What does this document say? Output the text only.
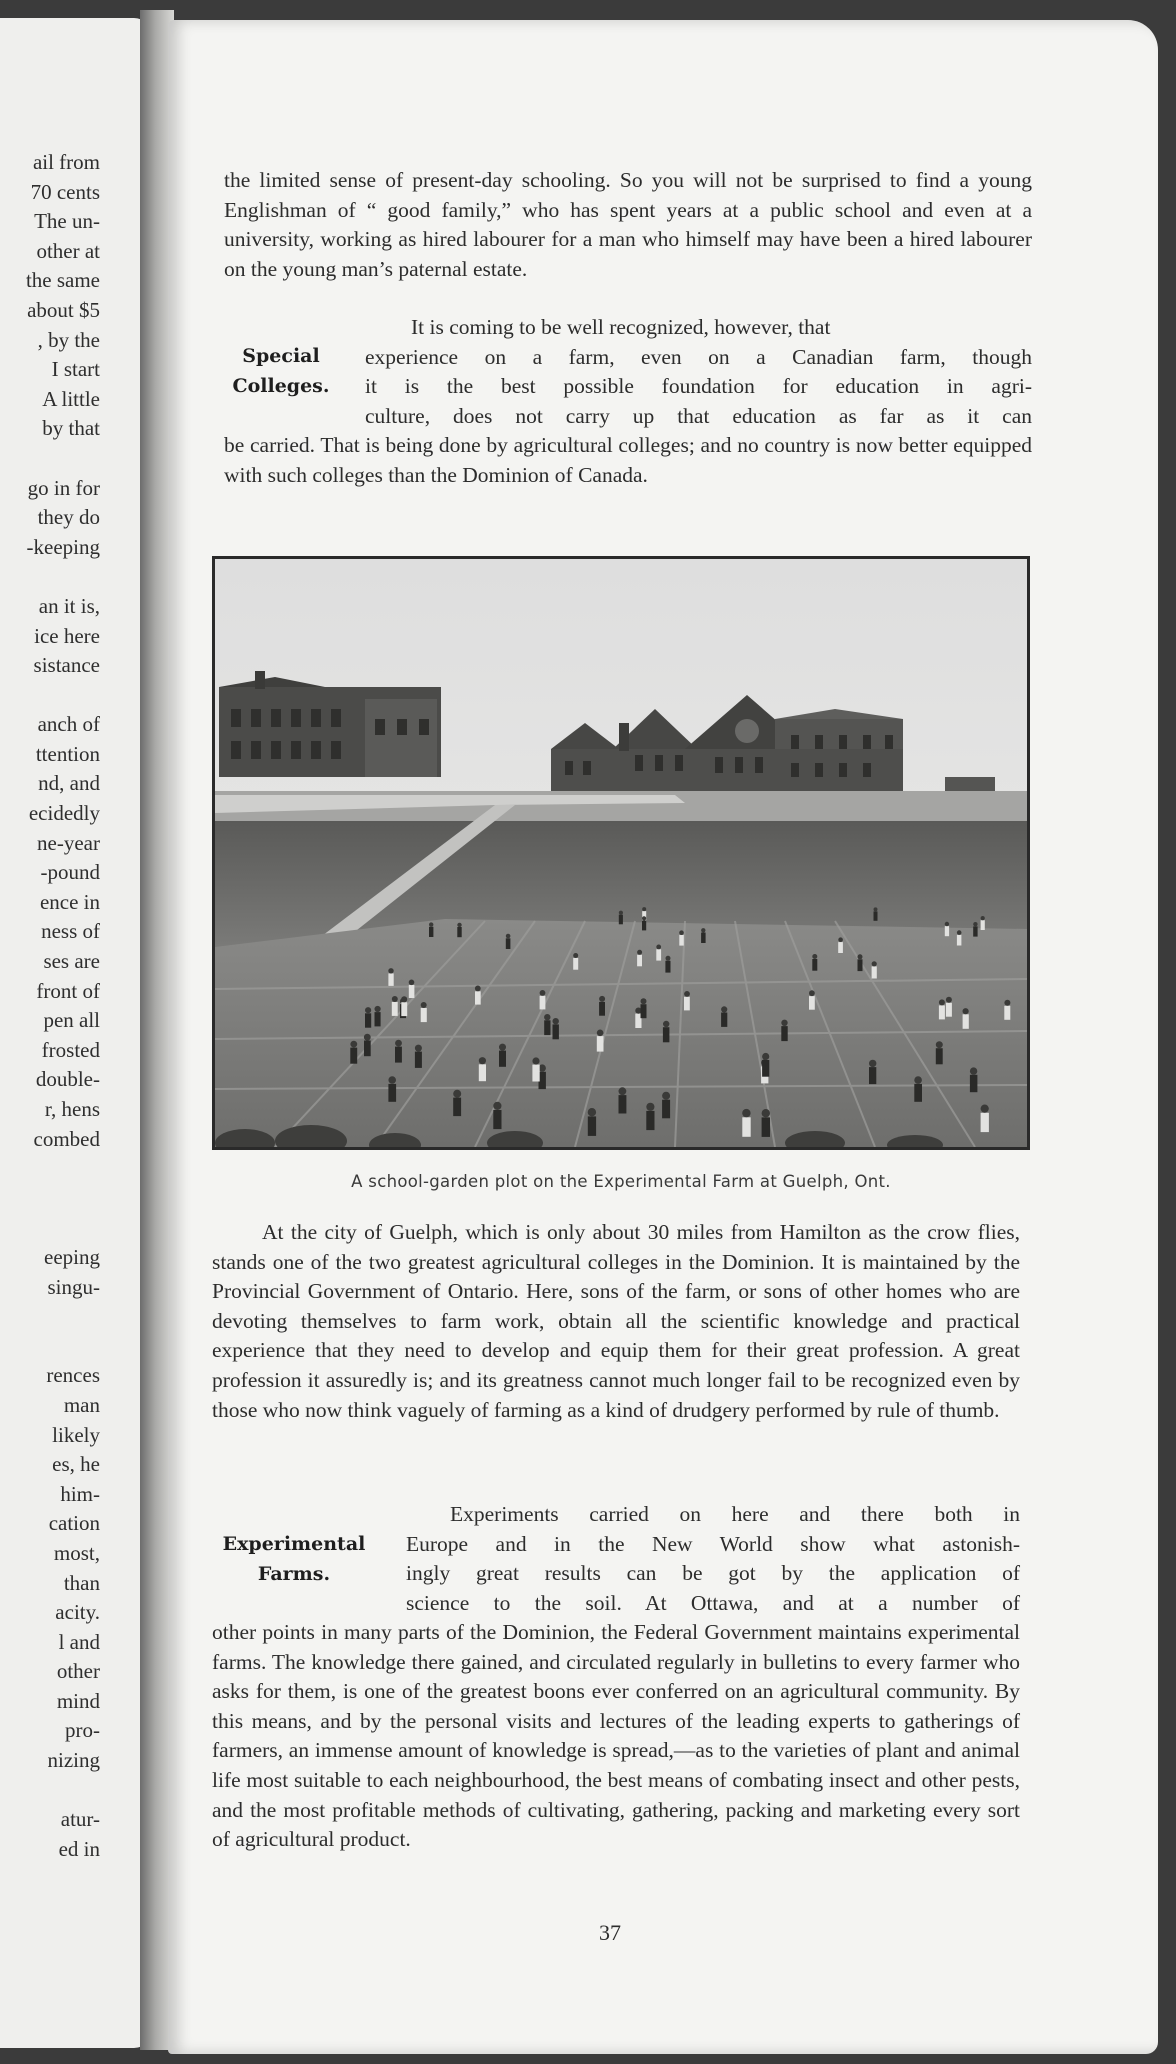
ail from
70 cents
The un-
other at
the same
about $5
, by the
I start
A little
by that

go in for
they do
-keeping

an it is,
ice here
sistance

anch of
ttention
nd, and
ecidedly
ne-year
-pound
ence in
ness of
ses are
front of
pen all
frosted
double-
r, hens
combed

eeping
singu-

rences
man
likely
es, he
him-
cation
most,
than
acity.
l and
other
mind
pro-
nizing

atur-
ed in

the limited sense of present-day schooling. So you will not be surprised to find a young Englishman of “ good family,” who has spent years at a public school and even at a university, working as hired labourer for a man who himself may have been a hired labourer on the young man’s paternal estate.

Special
Colleges.
It is coming to be well recognized, however, that
experience on a farm, even on a Canadian farm, though
it is the best possible foundation for education in agri-
culture, does not carry up that education as far as it can

be carried. That is being done by agricultural colleges; and no country is now better equipped with such colleges than the Dominion of Canada.

A school-garden plot on the Experimental Farm at Guelph, Ont.

At the city of Guelph, which is only about 30 miles from Hamilton as the crow flies, stands one of the two greatest agricultural colleges in the Dominion. It is maintained by the Provincial Government of Ontario. Here, sons of the farm, or sons of other homes who are devoting themselves to farm work, obtain all the scientific knowledge and practical experience that they need to develop and equip them for their great profession. A great profession it assuredly is; and its greatness cannot much longer fail to be recognized even by those who now think vaguely of farming as a kind of drudgery performed by rule of thumb.

Experimental
Farms.
Experiments carried on here and there both in
Europe and in the New World show what astonish-
ingly great results can be got by the application of
science to the soil. At Ottawa, and at a number of

other points in many parts of the Dominion, the Federal Government maintains experimental farms. The knowledge there gained, and circulated regularly in bulletins to every farmer who asks for them, is one of the greatest boons ever conferred on an agricultural community. By this means, and by the personal visits and lectures of the leading experts to gatherings of farmers, an immense amount of knowledge is spread,—as to the varieties of plant and animal life most suitable to each neighbourhood, the best means of combating insect and other pests, and the most profitable methods of cultivating, gathering, packing and marketing every sort of agricultural product.

37
